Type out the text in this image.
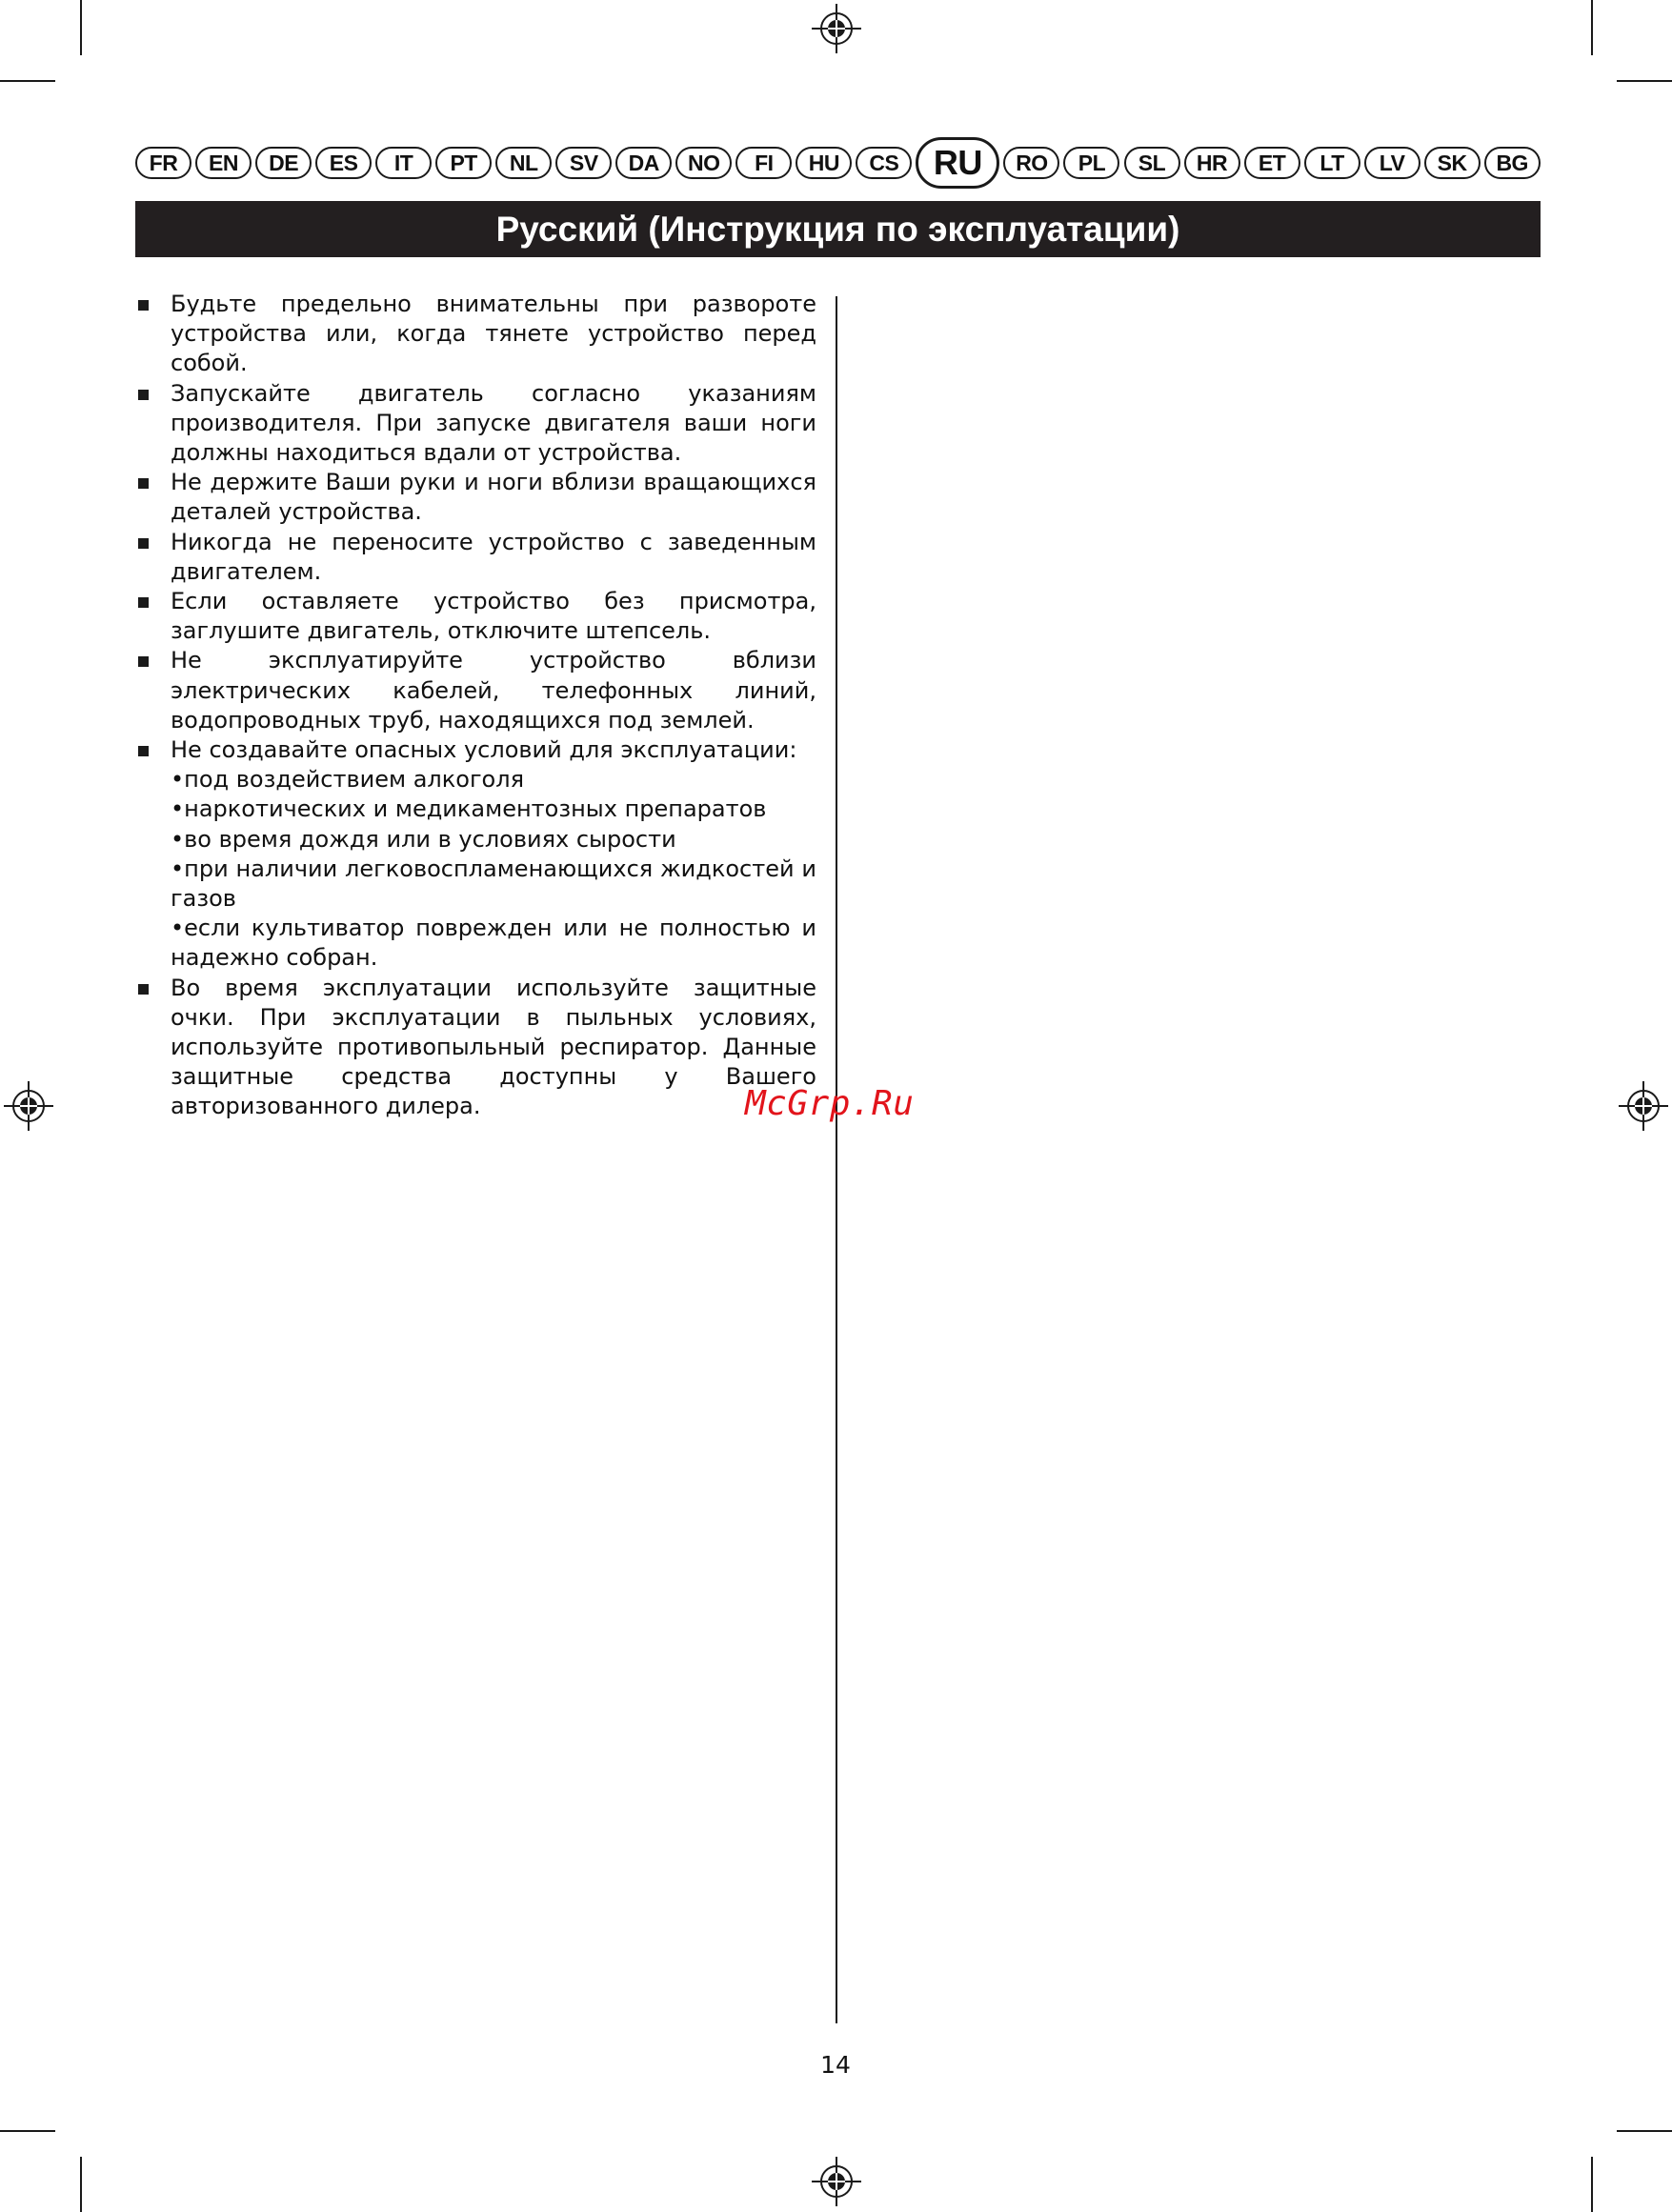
FR	EN	DE	ES	IT	PT	NL	SV	DA	NO	FI	HU	CS	RU	RO	PL	SL	HR	ET	LT	LV	SK	BG
Русский (Инструкция по эксплуатации)
Будьте предельно внимательны при развороте устройства или, когда тянете устройство перед собой.
Запускайте двигатель согласно указаниям производителя. При запуске двигателя ваши ноги должны находиться вдали от устройства.
Не держите Ваши руки и ноги вблизи вращающихся деталей устройства.
Никогда не переносите устройство с заведенным двигателем.
Если оставляете устройство без присмотра, заглушите двигатель, отключите штепсель.
Не эксплуатируйте устройство вблизи электрических кабелей, телефонных линий, водопроводных труб, находящихся под землей.
Не создавайте опасных условий для эксплуатации:
•под воздействием алкоголя
•наркотических и медикаментозных препаратов
•во время дождя или в условиях сырости
•при наличии легковоспламенающихся жидкостей и газов
•если культиватор поврежден или не полностью и надежно собран.
Во время эксплуатации используйте защитные очки. При эксплуатации в пыльных условиях, используйте противопыльный респиратор. Данные защитные средства доступны у Вашего авторизованного дилера.	McGrp.Ru
14
